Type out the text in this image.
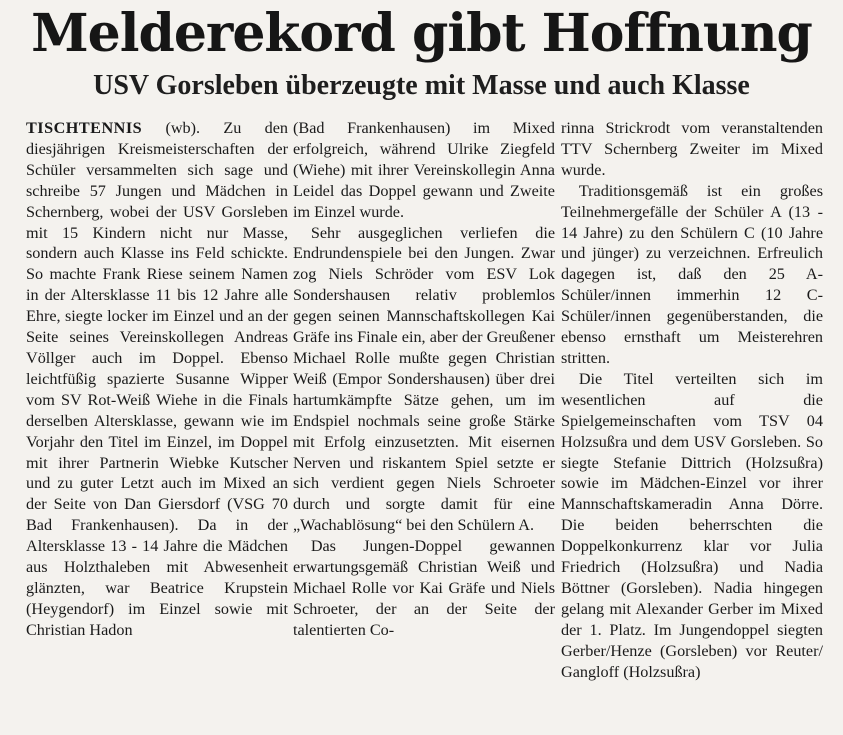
Melderekord gibt Hoffnung
USV Gorsleben überzeugte mit Masse und auch Klasse

TISCHTENNIS (wb). Zu den diesjährigen Kreismeisterschaften der Schüler versammelten sich sage und schreibe 57 Jungen und Mädchen in Schernberg, wobei der USV Gorsleben mit 15 Kindern nicht nur Masse, sondern auch Klasse ins Feld schickte. So machte Frank Riese seinem Namen in der Altersklasse 11 bis 12 Jahre alle Ehre, siegte locker im Einzel und an der Seite seines Vereinskollegen Andreas Völlger auch im Doppel. Ebenso leichtfüßig spazierte Susanne Wipper vom SV Rot-Weiß Wiehe in die Finals derselben Altersklasse, gewann wie im Vorjahr den Titel im Einzel, im Doppel mit ihrer Partnerin Wiebke Kutscher und zu guter Letzt auch im Mixed an der Seite von Dan Giersdorf (VSG 70 Bad Frankenhausen). Da in der Altersklasse 13 - 14 Jahre die Mädchen aus Holzthaleben mit Abwesenheit glänzten, war Beatrice Krupstein (Heygendorf) im Einzel sowie mit Christian Hadon

(Bad Frankenhausen) im Mixed erfolgreich, während Ulrike Ziegfeld (Wiehe) mit ihrer Vereinskollegin Anna Leidel das Doppel gewann und Zweite im Einzel wurde.

Sehr ausgeglichen verliefen die Endrundenspiele bei den Jungen. Zwar zog Niels Schröder vom ESV Lok Sondershausen relativ problemlos gegen seinen Mannschaftskollegen Kai Gräfe ins Finale ein, aber der Greußener Michael Rolle mußte gegen Christian Weiß (Empor Sondershausen) über drei hartumkämpfte Sätze gehen, um im Endspiel nochmals seine große Stärke mit Erfolg einzusetzten. Mit eisernen Nerven und riskantem Spiel setzte er sich verdient gegen Niels Schroeter durch und sorgte damit für eine „Wachablösung“ bei den Schülern A.

Das Jungen-Doppel gewannen erwartungsgemäß Christian Weiß und Michael Rolle vor Kai Gräfe und Niels Schroeter, der an der Seite der talentierten Co-

rinna Strickrodt vom veranstaltenden TTV Schernberg Zweiter im Mixed wurde.

Traditionsgemäß ist ein großes Teilnehmergefälle der Schüler A (13 - 14 Jahre) zu den Schülern C (10 Jahre und jünger) zu verzeichnen. Erfreulich dagegen ist, daß den 25 A-Schüler/innen immerhin 12 C-Schüler/innen gegenüberstanden, die ebenso ernsthaft um Meisterehren stritten.

Die Titel verteilten sich im wesentlichen auf die Spielgemeinschaften vom TSV 04 Holzsußra und dem USV Gorsleben. So siegte Stefanie Dittrich (Holzsußra) sowie im Mädchen-Einzel vor ihrer Mannschaftskameradin Anna Dörre. Die beiden beherrschten die Doppelkonkurrenz klar vor Julia Friedrich (Holzsußra) und Nadia Böttner (Gorsleben). Nadia hingegen gelang mit Alexander Gerber im Mixed der 1. Platz. Im Jungendoppel siegten Gerber/Henze (Gorsleben) vor Reuter/ Gangloff (Holzsußra)
